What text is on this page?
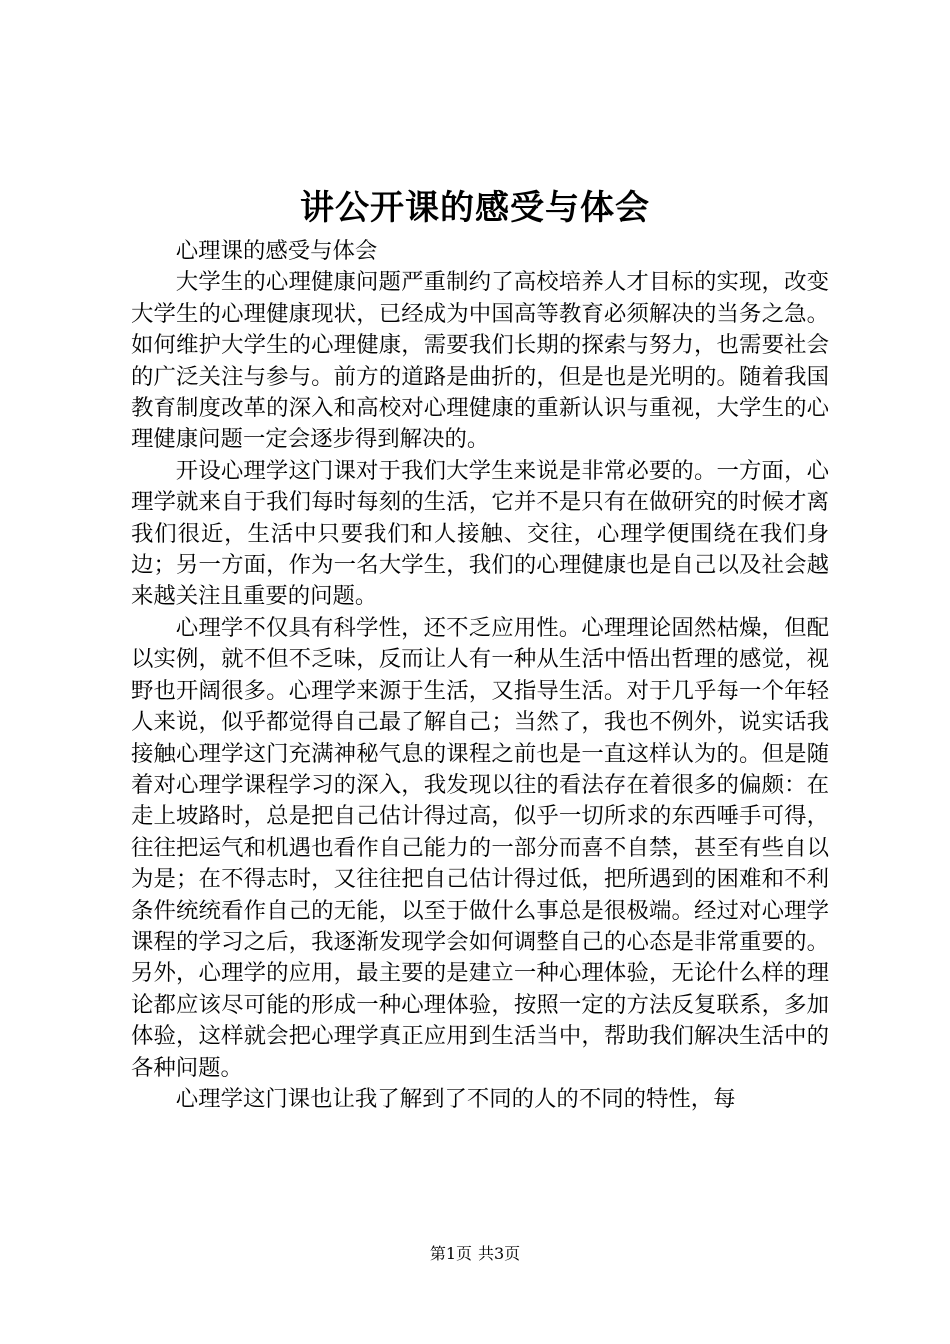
讲公开课的感受与体会

心理课的感受与体会

大学生的心理健康问题严重制约了高校培养人才目标的实现，改变大学生的心理健康现状，已经成为中国高等教育必须解决的当务之急。如何维护大学生的心理健康，需要我们长期的探索与努力，也需要社会的广泛关注与参与。前方的道路是曲折的，但是也是光明的。随着我国教育制度改革的深入和高校对心理健康的重新认识与重视，大学生的心理健康问题一定会逐步得到解决的。

开设心理学这门课对于我们大学生来说是非常必要的。一方面，心理学就来自于我们每时每刻的生活，它并不是只有在做研究的时候才离我们很近，生活中只要我们和人接触、交往，心理学便围绕在我们身边；另一方面，作为一名大学生，我们的心理健康也是自己以及社会越来越关注且重要的问题。

心理学不仅具有科学性，还不乏应用性。心理理论固然枯燥，但配以实例，就不但不乏味，反而让人有一种从生活中悟出哲理的感觉，视野也开阔很多。心理学来源于生活，又指导生活。对于几乎每一个年轻人来说，似乎都觉得自己最了解自己；当然了，我也不例外，说实话我接触心理学这门充满神秘气息的课程之前也是一直这样认为的。但是随着对心理学课程学习的深入，我发现以往的看法存在着很多的偏颇：在走上坡路时，总是把自己估计得过高，似乎一切所求的东西唾手可得，往往把运气和机遇也看作自己能力的一部分而喜不自禁，甚至有些自以为是；在不得志时，又往往把自己估计得过低，把所遇到的困难和不利条件统统看作自己的无能，以至于做什么事总是很极端。经过对心理学课程的学习之后，我逐渐发现学会如何调整自己的心态是非常重要的。另外，心理学的应用，最主要的是建立一种心理体验，无论什么样的理论都应该尽可能的形成一种心理体验，按照一定的方法反复联系，多加体验，这样就会把心理学真正应用到生活当中，帮助我们解决生活中的各种问题。

心理学这门课也让我了解到了不同的人的不同的特性，每

第1页 共3页
